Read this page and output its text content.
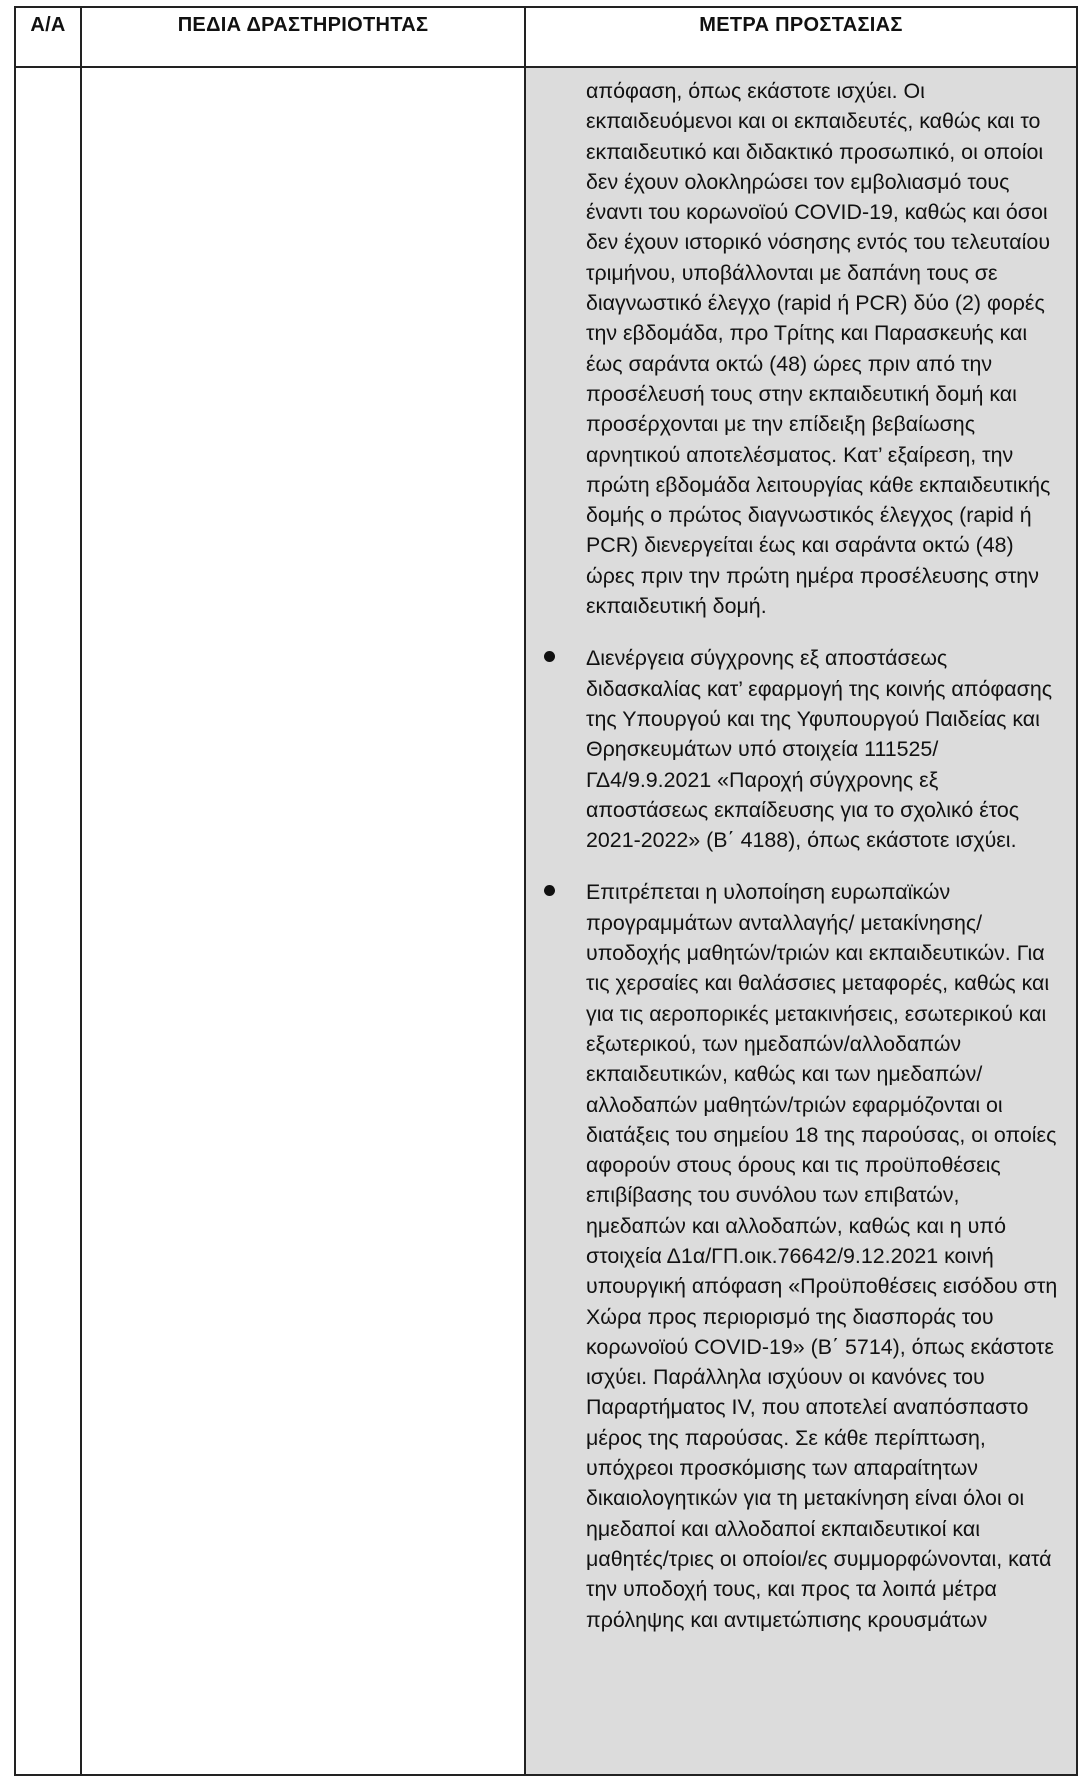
Α/Α	ΠΕΔΙΑ ΔΡΑΣΤΗΡΙΟΤΗΤΑΣ	ΜΕΤΡΑ ΠΡΟΣΤΑΣΙΑΣ

		απόφαση, όπως εκάστοτε ισχύει. Οι εκπαιδευόμενοι και οι εκπαιδευτές, καθώς και το εκπαιδευτικό και διδακτικό προσωπικό, οι οποίοι δεν έχουν ολοκληρώσει τον εμβολιασμό τους έναντι του κορωνοϊού COVID-19, καθώς και όσοι δεν έχουν ιστορικό νόσησης εντός του τελευταίου τριμήνου, υποβάλλονται με δαπάνη τους σε διαγνωστικό έλεγχο (rapid ή PCR) δύο (2) φορές την εβδομάδα, προ Τρίτης και Παρασκευής και έως σαράντα οκτώ (48) ώρες πριν από την προσέλευσή τους στην εκπαιδευτική δομή και προσέρχονται με την επίδειξη βεβαίωσης αρνητικού αποτελέσματος. Κατ’ εξαίρεση, την πρώτη εβδομάδα λειτουργίας κάθε εκπαιδευτικής δομής ο πρώτος διαγνωστικός έλεγχος (rapid ή PCR) διενεργείται έως και σαράντα οκτώ (48) ώρες πριν την πρώτη ημέρα προσέλευσης στην εκπαιδευτική δομή.

Διενέργεια σύγχρονης εξ αποστάσεως διδασκαλίας κατ’ εφαρμογή της κοινής απόφασης της Υπουργού και της Υφυπουργού Παιδείας και Θρησκευμάτων υπό στοιχεία 111525/ΓΔ4/9.9.2021 «Παροχή σύγχρονης εξ αποστάσεως εκπαίδευσης για το σχολικό έτος 2021-2022» (Β΄ 4188), όπως εκάστοτε ισχύει.

Επιτρέπεται η υλοποίηση ευρωπαϊκών προγραμμάτων ανταλλαγής/ μετακίνησης/υποδοχής μαθητών/τριών και εκπαιδευτικών. Για τις χερσαίες και θαλάσσιες μεταφορές, καθώς και για τις αεροπορικές μετακινήσεις, εσωτερικού και εξωτερικού, των ημεδαπών/αλλοδαπών εκπαιδευτικών, καθώς και των ημεδαπών/αλλοδαπών μαθητών/τριών εφαρμόζονται οι διατάξεις του σημείου 18 της παρούσας, οι οποίες αφορούν στους όρους και τις προϋποθέσεις επιβίβασης του συνόλου των επιβατών, ημεδαπών και αλλοδαπών, καθώς και η υπό στοιχεία Δ1α/ΓΠ.οικ.76642/9.12.2021 κοινή υπουργική απόφαση «Προϋποθέσεις εισόδου στη Χώρα προς περιορισμό της διασποράς του κορωνοϊού COVID-19» (Β΄ 5714), όπως εκάστοτε ισχύει. Παράλληλα ισχύουν οι κανόνες του Παραρτήματος IV, που αποτελεί αναπόσπαστο μέρος της παρούσας. Σε κάθε περίπτωση, υπόχρεοι προσκόμισης των απαραίτητων δικαιολογητικών για τη μετακίνηση είναι όλοι οι ημεδαποί και αλλοδαποί εκπαιδευτικοί και μαθητές/τριες οι οποίοι/ες συμμορφώνονται, κατά την υποδοχή τους, και προς τα λοιπά μέτρα πρόληψης και αντιμετώπισης κρουσμάτων
